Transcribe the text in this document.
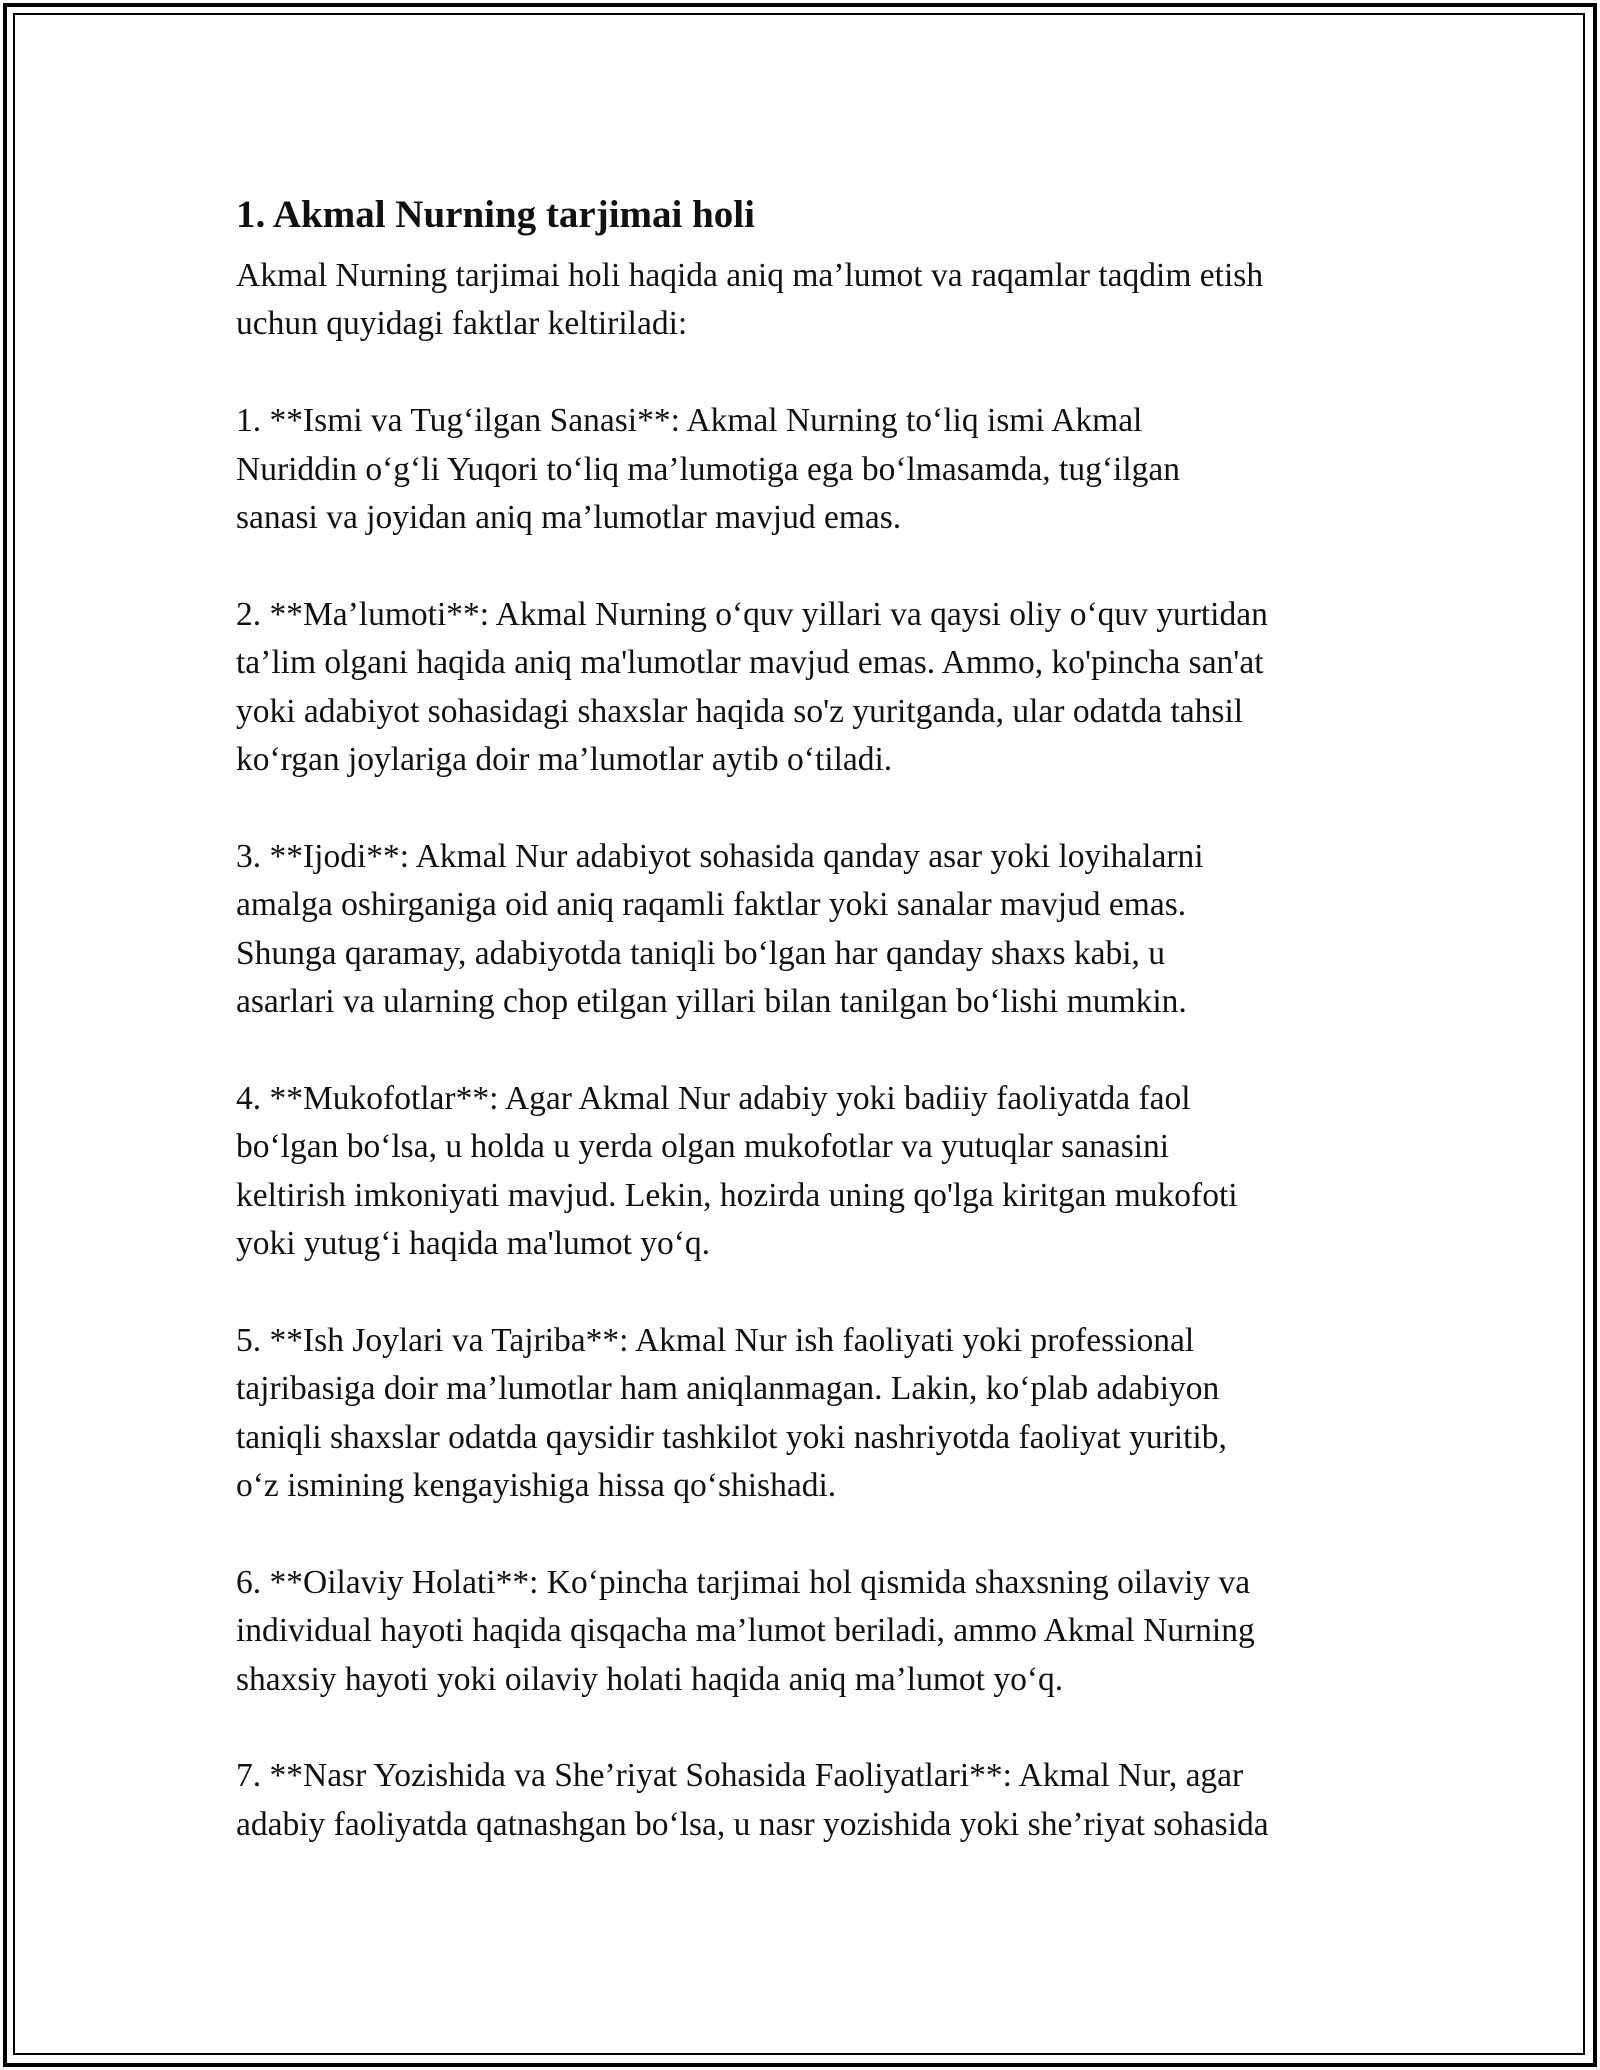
1. Akmal Nurning tarjimai holi

Akmal Nurning tarjimai holi haqida aniq ma’lumot va raqamlar taqdim etish
uchun quyidagi faktlar keltiriladi:

1. **Ismi va Tug‘ilgan Sanasi**: Akmal Nurning to‘liq ismi Akmal
Nuriddin o‘g‘li Yuqori to‘liq ma’lumotiga ega bo‘lmasamda, tug‘ilgan
sanasi va joyidan aniq ma’lumotlar mavjud emas.

2. **Ma’lumoti**: Akmal Nurning o‘quv yillari va qaysi oliy o‘quv yurtidan
ta’lim olgani haqida aniq ma'lumotlar mavjud emas. Ammo, ko'pincha san'at
yoki adabiyot sohasidagi shaxslar haqida so'z yuritganda, ular odatda tahsil
ko‘rgan joylariga doir ma’lumotlar aytib o‘tiladi.

3. **Ijodi**: Akmal Nur adabiyot sohasida qanday asar yoki loyihalarni
amalga oshirganiga oid aniq raqamli faktlar yoki sanalar mavjud emas.
Shunga qaramay, adabiyotda taniqli bo‘lgan har qanday shaxs kabi, u
asarlari va ularning chop etilgan yillari bilan tanilgan bo‘lishi mumkin.

4. **Mukofotlar**: Agar Akmal Nur adabiy yoki badiiy faoliyatda faol
bo‘lgan bo‘lsa, u holda u yerda olgan mukofotlar va yutuqlar sanasini
keltirish imkoniyati mavjud. Lekin, hozirda uning qo'lga kiritgan mukofoti
yoki yutug‘i haqida ma'lumot yo‘q.

5. **Ish Joylari va Tajriba**: Akmal Nur ish faoliyati yoki professional
tajribasiga doir ma’lumotlar ham aniqlanmagan. Lakin, ko‘plab adabiyon
taniqli shaxslar odatda qaysidir tashkilot yoki nashriyotda faoliyat yuritib,
o‘z ismining kengayishiga hissa qo‘shishadi.

6. **Oilaviy Holati**: Ko‘pincha tarjimai hol qismida shaxsning oilaviy va
individual hayoti haqida qisqacha ma’lumot beriladi, ammo Akmal Nurning
shaxsiy hayoti yoki oilaviy holati haqida aniq ma’lumot yo‘q.

7. **Nasr Yozishida va She’riyat Sohasida Faoliyatlari**: Akmal Nur, agar
adabiy faoliyatda qatnashgan bo‘lsa, u nasr yozishida yoki she’riyat sohasida
